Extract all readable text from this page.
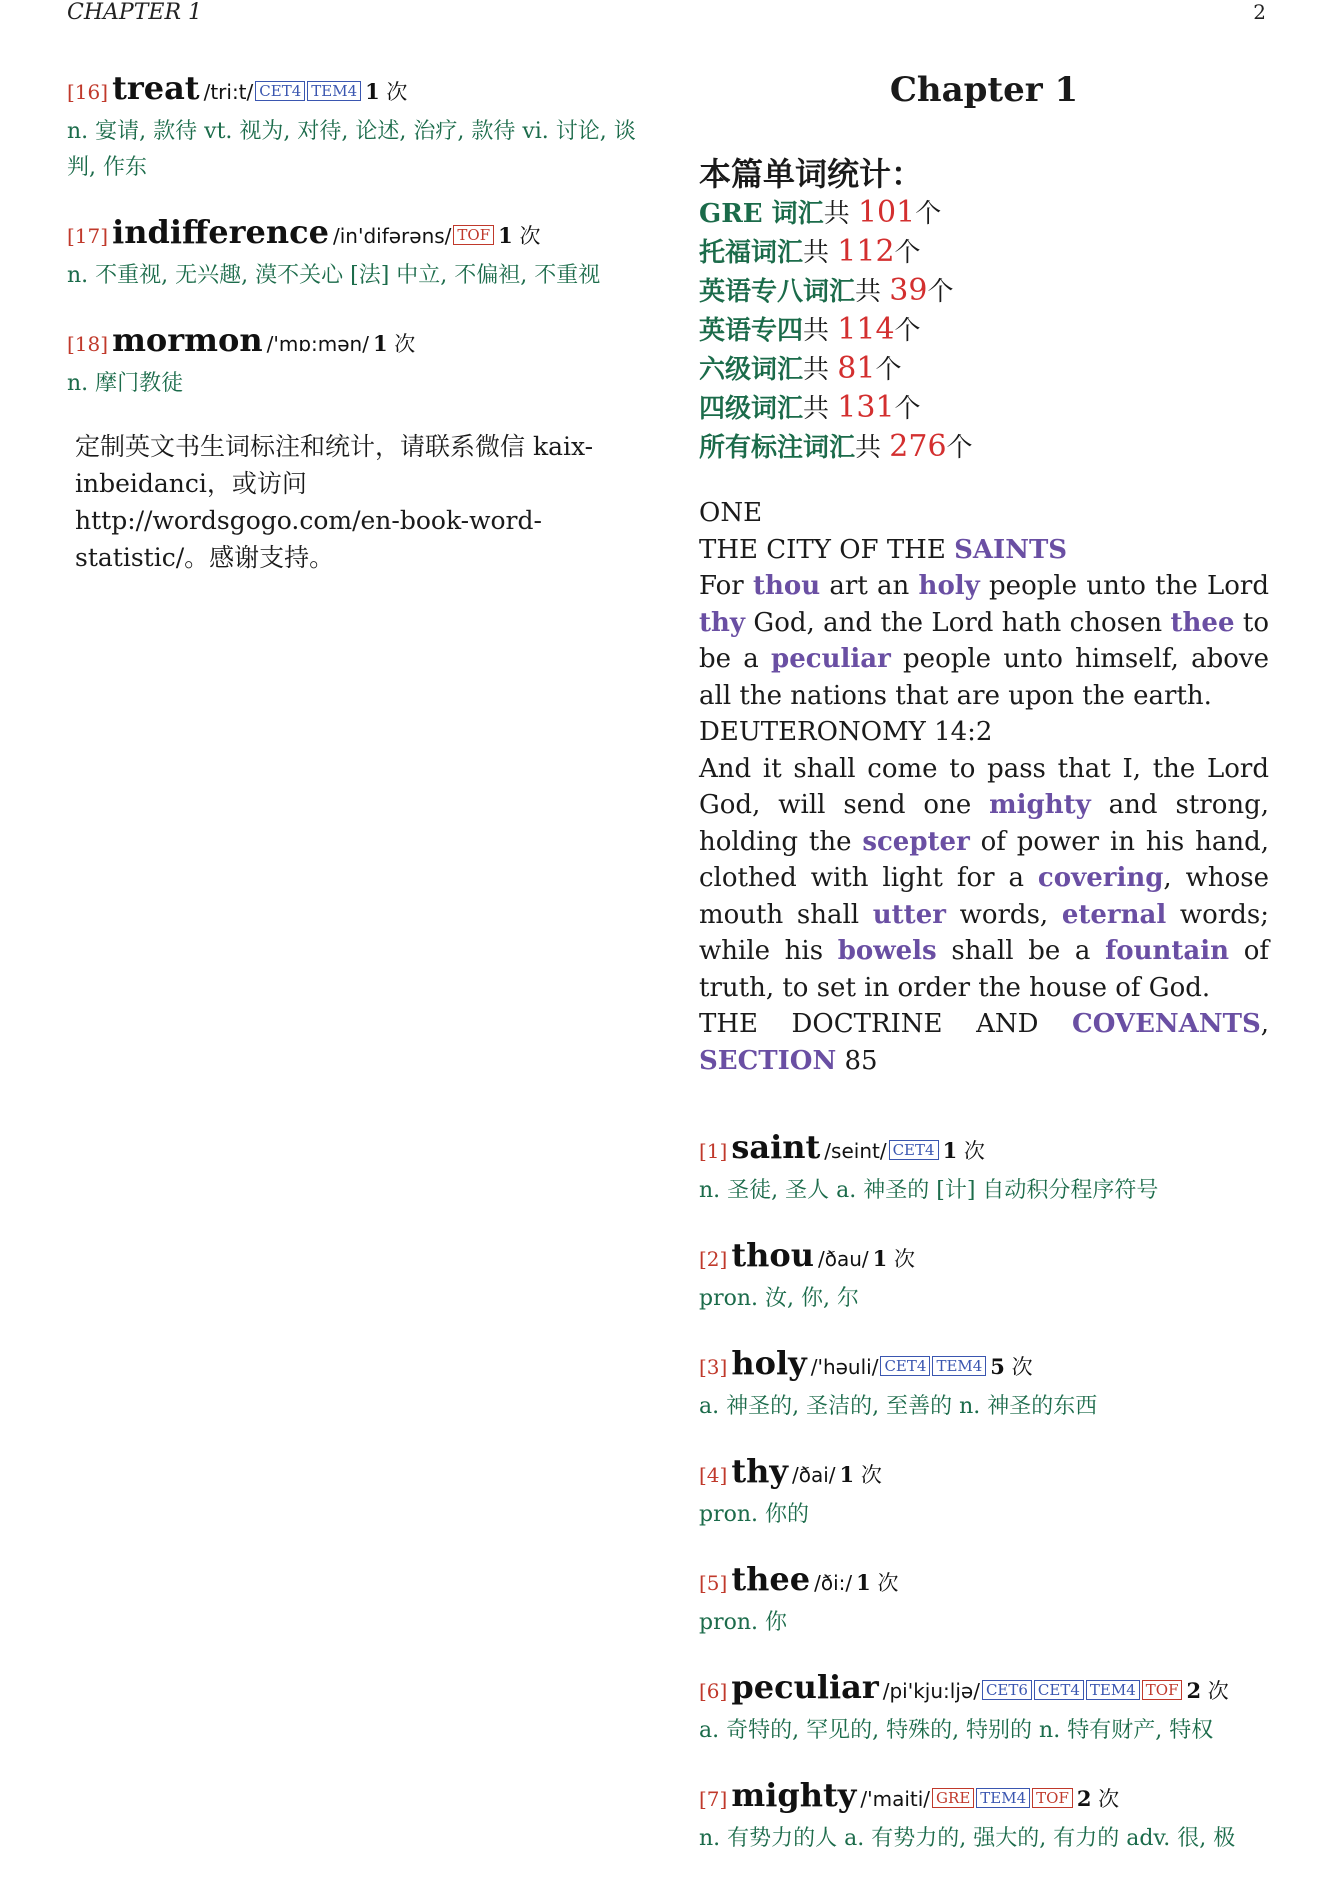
CHAPTER 1	2
[16] treat /tri:t/ CET4 TEM4 1 次
n. 宴请, 款待 vt. 视为, 对待, 论述, 治疗, 款待 vi. 讨论, 谈判, 作东
[17] indifference /in'difərəns/ TOF 1 次
n. 不重视, 无兴趣, 漠不关心 [法] 中立, 不偏袒, 不重视
[18] mormon /'mɒ:mən/ 1 次
n. 摩门教徒
定制英文书生词标注和统计，请联系微信 kaix-inbeidanci，或访问 http://wordsgogo.com/en-book-word-statistic/。感谢支持。
Chapter 1
本篇单词统计：
GRE 词汇共 101个
托福词汇共 112个
英语专八词汇共 39个
英语专四共 114个
六级词汇共 81个
四级词汇共 131个
所有标注词汇共 276个

ONE

THE CITY OF THE SAINTS

For thou art an holy people unto the Lord thy God, and the Lord hath chosen thee to be a peculiar people unto himself, above all the nations that are upon the earth.

DEUTERONOMY 14:2

And it shall come to pass that I, the Lord God, will send one mighty and strong, holding the scepter of power in his hand, clothed with light for a covering, whose mouth shall utter words, eternal words; while his bowels shall be a fountain of truth, to set in order the house of God.

THE DOCTRINE AND COVENANTS, SECTION 85

[1] saint /seint/ CET4 1 次
n. 圣徒, 圣人 a. 神圣的 [计] 自动积分程序符号
[2] thou /ðau/ 1 次
pron. 汝, 你, 尔
[3] holy /'həuli/ CET4 TEM4 5 次
a. 神圣的, 圣洁的, 至善的 n. 神圣的东西
[4] thy /ðai/ 1 次
pron. 你的
[5] thee /ði:/ 1 次
pron. 你
[6] peculiar /pi'kju:ljə/ CET6 CET4 TEM4 TOF 2 次
a. 奇特的, 罕见的, 特殊的, 特别的 n. 特有财产, 特权
[7] mighty /'maiti/ GRE TEM4 TOF 2 次
n. 有势力的人 a. 有势力的, 强大的, 有力的 adv. 很, 极
